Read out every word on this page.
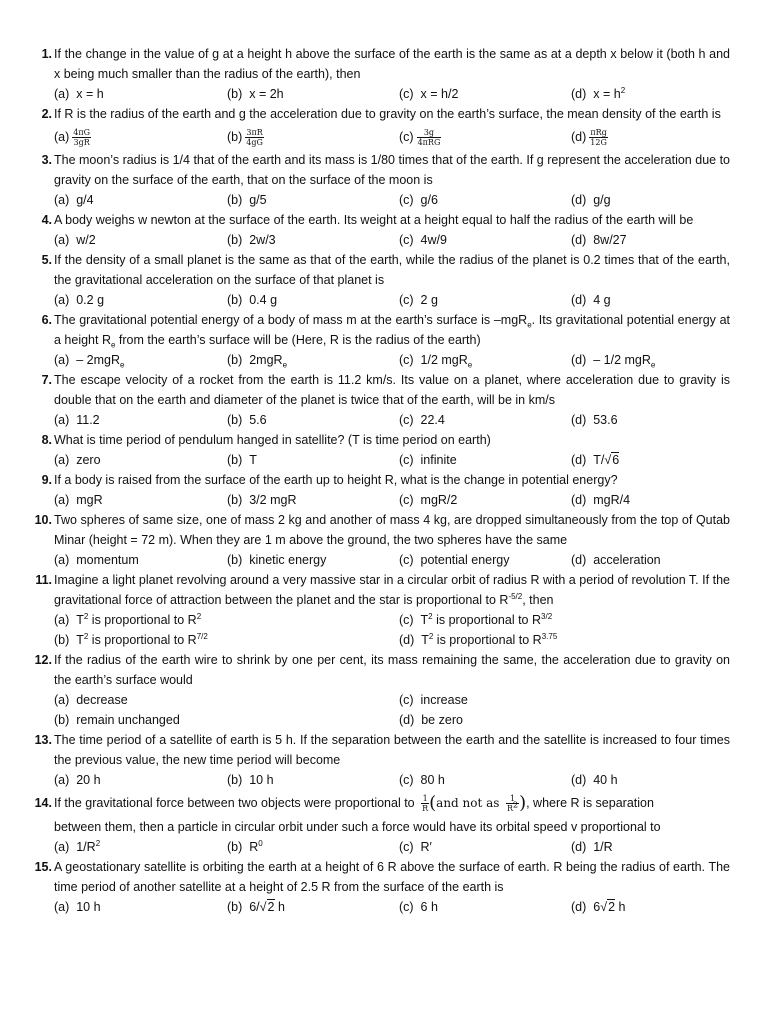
1. If the change in the value of g at a height h above the surface of the earth is the same as at a depth x below it (both h and x being much smaller than the radius of the earth), then
(a) x = h	(b) x = 2h	(c) x = h/2	(d) $x = h^2$
2. If R is the radius of the earth and g the acceleration due to gravity on the earth’s surface, the mean density of the earth is
$(a) \frac{4\pi G}{3gR}$	$(b) \frac{3\pi R}{4gG}$	$(c) \frac{3g}{\text{4πRG}}$	$(d) \frac{\text{πRg}}{12G}$
3. The moon’s radius is 1/4 that of the earth and its mass is 1/80 times that of the earth. If g represent the acceleration due to gravity on the surface of the earth, that on the surface of the moon is
(a) g/4	(b) g/5	(c) g/6	(d) g/g
4. A body weighs w newton at the surface of the earth. Its weight at a height equal to half the radius of the earth will be
(a) w/2	(b) 2w/3	(c) 4w/9	(d) 8w/27
5. If the density of a small planet is the same as that of the earth, while the radius of the planet is 0.2 times that of the earth, the gravitational acceleration on the surface of that planet is
(a) 0.2 g	(b) 0.4 g	(c) 2 g	(d) 4 g
6. The gravitational potential energy of a body of mass m at the earth’s surface is –mgR$_e$. Its gravitational potential energy at a height $R_e$ from the earth’s surface will be (Here, R is the radius of the earth)
(a) – 2mgR$_e$	(b) 2mgR$_e$	(c) 1/2 mgR$_e$	(d) – 1/2 mgR$_e$
7. The escape velocity of a rocket from the earth is 11.2 km/s. Its value on a planet, where acceleration due to gravity is double that on the earth and diameter of the planet is twice that of the earth, will be in km/s
(a) 11.2	(b) 5.6	(c) 22.4	(d) 53.6
8. What is time period of pendulum hanged in satellite? (T is time period on earth)
(a) zero	(b) T	(c) infinite	(d) T/√6
9. If a body is raised from the surface of the earth up to height R, what is the change in potential energy?
(a) mgR	(b) 3/2 mgR	(c) mgR/2	(d) mgR/4
10. Two spheres of same size, one of mass 2 kg and another of mass 4 kg, are dropped simultaneously from the top of Qutab Minar (height = 72 m). When they are 1 m above the ground, the two spheres have the same
(a) momentum	(b) kinetic energy	(c) potential energy	(d) acceleration
11. Imagine a light planet revolving around a very massive star in a circular orbit of radius R with a period of revolution T. If the gravitational force of attraction between the planet and the star is proportional to $R^{-5/2}$, then
(a) $T^2$ is proportional to $R^2$	(c) $T^2$ is proportional to $R^{3/2}$
(b) $T^2$ is proportional to $R^{7/2}$	(d) $T^2$ is proportional to $R^{3.75}$
12. If the radius of the earth wire to shrink by one per cent, its mass remaining the same, the acceleration due to gravity on the earth’s surface would
(a) decrease	(c) increase
(b) remain unchanged	(d) be zero
13. The time period of a satellite of earth is 5 h. If the separation between the earth and the satellite is increased to four times the previous value, the new time period will become
(a) 20 h	(b) 10 h	(c) 80 h	(d) 40 h
14. If the gravitational force between two objects were proportional to $\frac{1}{R} (and$ not as $\frac{1}{R^2}$ ), where R is separation
between them, then a particle in circular orbit under such a force would have its orbital speed v proportional to
(a) $1/R^2$	(b) $R^0$	(c) R′	(d) 1/R
15. A geostationary satellite is orbiting the earth at a height of 6 R above the surface of earth. R being the radius of earth. The time period of another satellite at a height of 2.5 R from the surface of the earth is
(a) 10 h	(b) 6/√2 h	(c) 6 h	(d) 6√2 h
